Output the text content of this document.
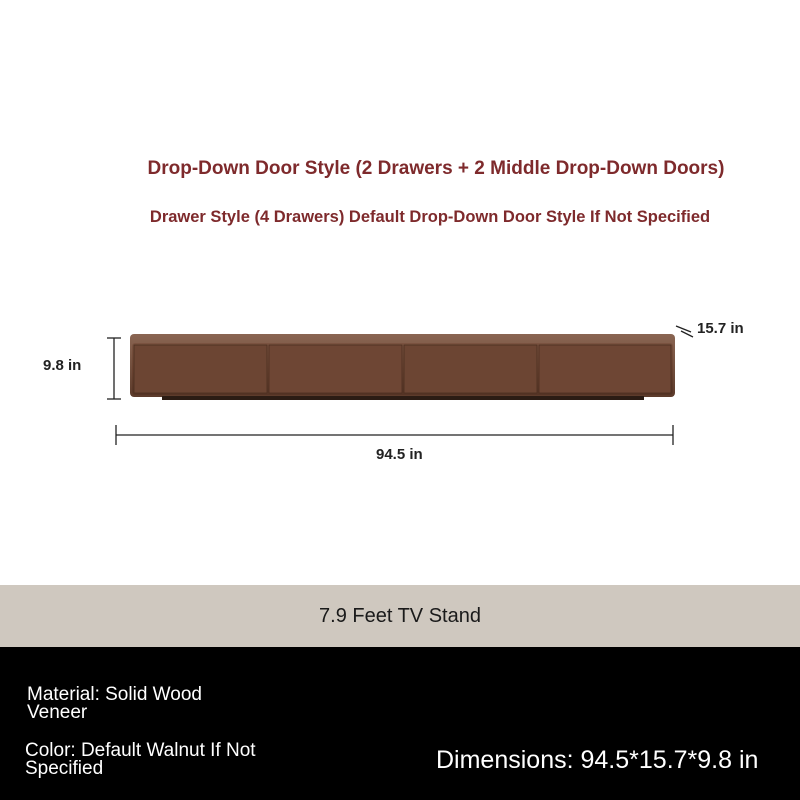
Drop-Down Door Style (2 Drawers + 2 Middle Drop-Down Doors)
Drawer Style (4 Drawers) Default Drop-Down Door Style If Not Specified
9.8 in
94.5 in
15.7 in
7.9 Feet TV Stand
Material: Solid Wood Veneer
Color: Default Walnut If Not Specified	Dimensions: 94.5*15.7*9.8 in
